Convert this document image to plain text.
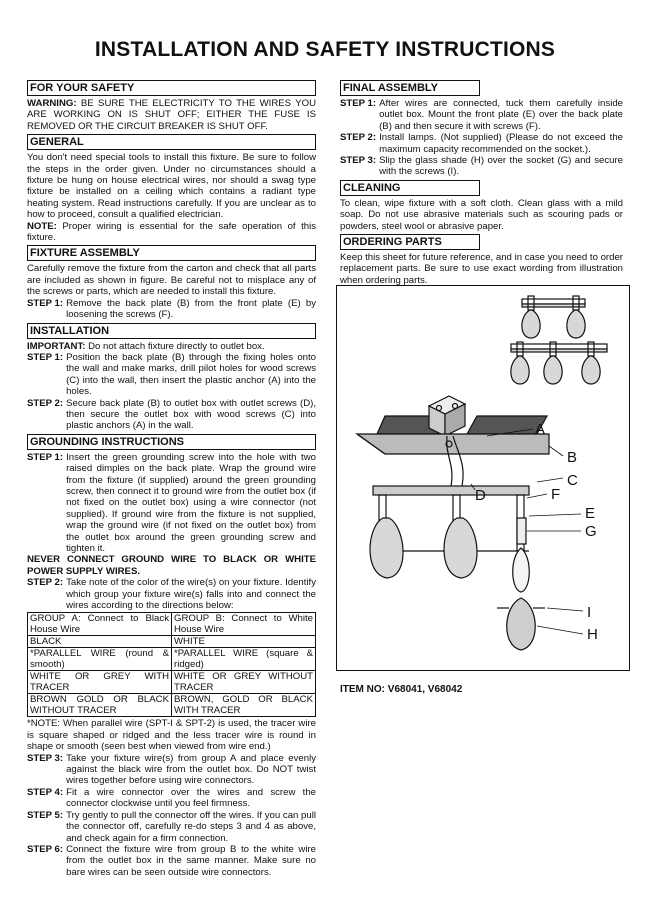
INSTALLATION AND SAFETY INSTRUCTIONS
FOR YOUR SAFETY

WARNING: BE SURE THE ELECTRICITY TO THE WIRES YOU ARE WORKING ON IS SHUT OFF; EITHER THE FUSE IS REMOVED OR THE CIRCUIT BREAKER IS SHUT OFF.

GENERAL

You don't need special tools to install this fixture. Be sure to follow the steps in the order given. Under no circumstances should a fixture be hung on house electrical wires, nor should a swag type fixture be installed on a ceiling which contains a radiant type heating system. Read instructions carefully. If you are unclear as to how to proceed, consult a qualified electrician.

NOTE: Proper wiring is essential for the safe operation of this fixture.

FIXTURE ASSEMBLY

Carefully remove the fixture from the carton and check that all parts are included as shown in figure. Be careful not to misplace any of the screws or parts, which are needed to install this fixture.

STEP 1: Remove the back plate (B) from the front plate (E) by loosening the screws (F).
INSTALLATION

IMPORTANT: Do not attach fixture directly to outlet box.

STEP 1: Position the back plate (B) through the fixing holes onto the wall and make marks, drill pilot holes for wood screws (C) into the wall, then insert the plastic anchor (A) into the holes.
STEP 2: Secure back plate (B) to outlet box with outlet screws (D), then secure the outlet box with wood screws (C) into plastic anchors (A) in the wall.
GROUNDING INSTRUCTIONS
STEP 1: Insert the green grounding screw into the hole with two raised dimples on the back plate. Wrap the ground wire from the fixture (if supplied) around the green grounding screw, then connect it to ground wire from the outlet box (if not fixed on the outlet box) using a wire connector (not supplied). If ground wire from the fixture is not supplied, wrap the ground wire (if not fixed on the outlet box) from the outlet box around the green grounding screw and tighten it.

NEVER CONNECT GROUND WIRE TO BLACK OR WHITE POWER SUPPLY WIRES.

STEP 2: Take note of the color of the wire(s) on your fixture. Identify which group your fixture wire(s) falls into and connect the wires according to the directions below:
GROUP A: Connect to Black House Wire	GROUP B: Connect to White House Wire
BLACK	WHITE
*PARALLEL WIRE (round & smooth)	*PARALLEL WIRE (square & ridged)
WHITE OR GREY WITH TRACER	WHITE OR GREY WITHOUT TRACER
BROWN GOLD OR BLACK WITHOUT TRACER	BROWN, GOLD OR BLACK WITH TRACER

*NOTE: When parallel wire (SPT-I & SPT-2) is used, the tracer wire is square shaped or ridged and the less tracer wire is round in shape or smooth (seen best when viewed from wire end.)

STEP 3: Take your fixture wire(s) from group A and place evenly against the black wire from the outlet box. Do NOT twist wires together before using wire connectors.
STEP 4: Fit a wire connector over the wires and screw the connector clockwise until you feel firmness.
STEP 5: Try gently to pull the connector off the wires. If you can pull the connector off, carefully re-do steps 3 and 4 as above, and check again for a firm connection.
STEP 6: Connect the fixture wire from group B to the white wire from the outlet box in the same manner. Make sure no bare wires can be seen outside wire connectors.
FINAL ASSEMBLY
STEP 1: After wires are connected, tuck them carefully inside outlet box. Mount the front plate (E) over the back plate (B) and then secure it with screws (F).
STEP 2: Install lamps. (Not supplied) (Please do not exceed the maximum capacity recommended on the socket.).
STEP 3: Slip the glass shade (H) over the socket (G) and secure with the screws (I).
CLEANING

To clean, wipe fixture with a soft cloth. Clean glass with a mild soap. Do not use abrasive materials such as scouring pads or powders, steel wool or abrasive paper.

ORDERING PARTS

Keep this sheet for future reference, and in case you need to order replacement parts. Be sure to use exact wording from illustration when ordering parts.

A
B
C
D	F
E
G
I
H
ITEM NO: V68041, V68042
